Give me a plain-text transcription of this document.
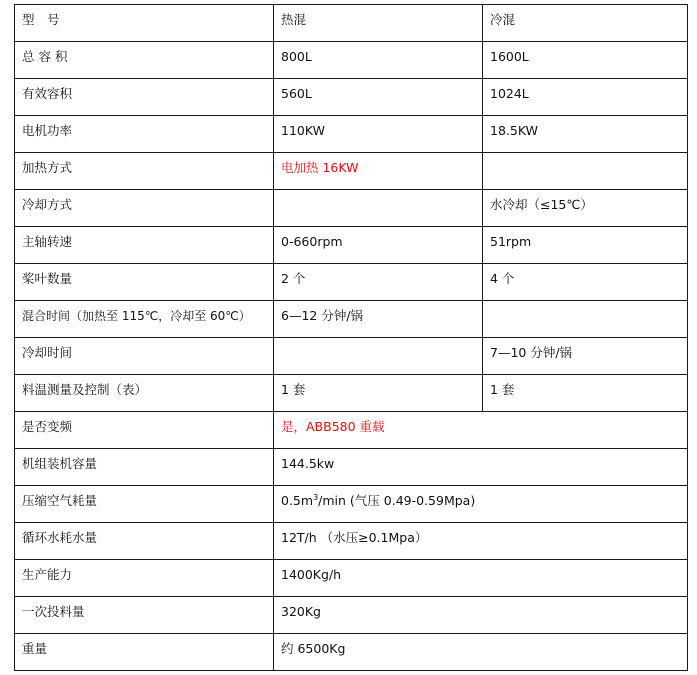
型　号	热混	冷混
总 容 积	800L	1600L
有效容积	560L	1024L
电机功率	110KW	18.5KW
加热方式	电加热 16KW	
冷却方式		水冷却（≤15℃）
主轴转速	0-660rpm	51rpm
桨叶数量	2 个	4 个
混合时间（加热至 115℃，冷却至 60℃）	6—12 分钟/锅	
冷却时间		7—10 分钟/锅
料温测量及控制（表）	1 套	1 套
是否变频	是，ABB580 重载	
机组装机容量	144.5kw	
压缩空气耗量	$0.5m^3/\min$ (气压 0.49-0.59Mpa)	
循环水耗水量	12T/h （水压≥0.1Mpa）	
生产能力	1400Kg/h	
一次投料量	320Kg	
重量	约 6500Kg	
